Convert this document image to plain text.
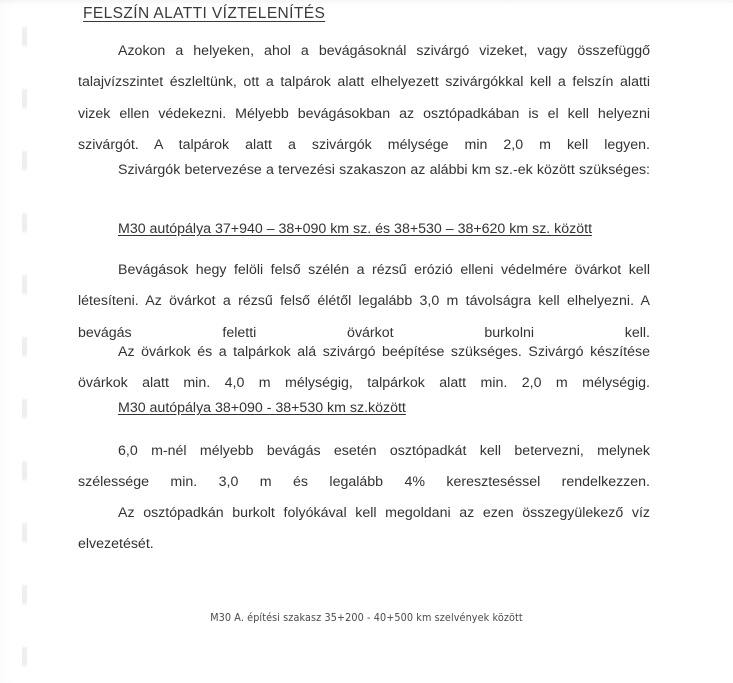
FELSZÍN ALATTI VÍZTELENÍTÉS

Azokon a helyeken, ahol a bevágásoknál szivárgó vizeket, vagy összefüggő talajvízszintet észleltünk, ott a talpárok alatt elhelyezett szivárgókkal kell a felszín alatti vizek ellen védekezni. Mélyebb bevágásokban az osztópadkában is el kell helyezni szivárgót. A talpárok alatt a szivárgók mélysége min 2,0 m kell legyen.

Szivárgók betervezése a tervezési szakaszon az alábbi km sz.-ek között szükséges:

M30 autópálya 37+940 – 38+090 km sz. és 38+530 – 38+620 km sz. között

Bevágások hegy felöli felső szélén a rézsű erózió elleni védelmére övárkot kell létesíteni. Az övárkot a rézsű felső élétől legalább 3,0 m távolságra kell elhelyezni. A bevágás feletti övárkot burkolni kell.

Az övárkok és a talpárkok alá szivárgó beépítése szükséges. Szivárgó készítése övárkok alatt min. 4,0 m mélységig, talpárkok alatt min. 2,0 m mélységig.

M30 autópálya 38+090 - 38+530 km sz.között

6,0 m-nél mélyebb bevágás esetén osztópadkát kell betervezni, melynek szélessége min. 3,0 m és legalább 4% kereszteséssel rendelkezzen.

Az osztópadkán burkolt folyókával kell megoldani az ezen összegyülekező víz elvezetését.

M30 A. építési szakasz 35+200 - 40+500 km szelvények között
